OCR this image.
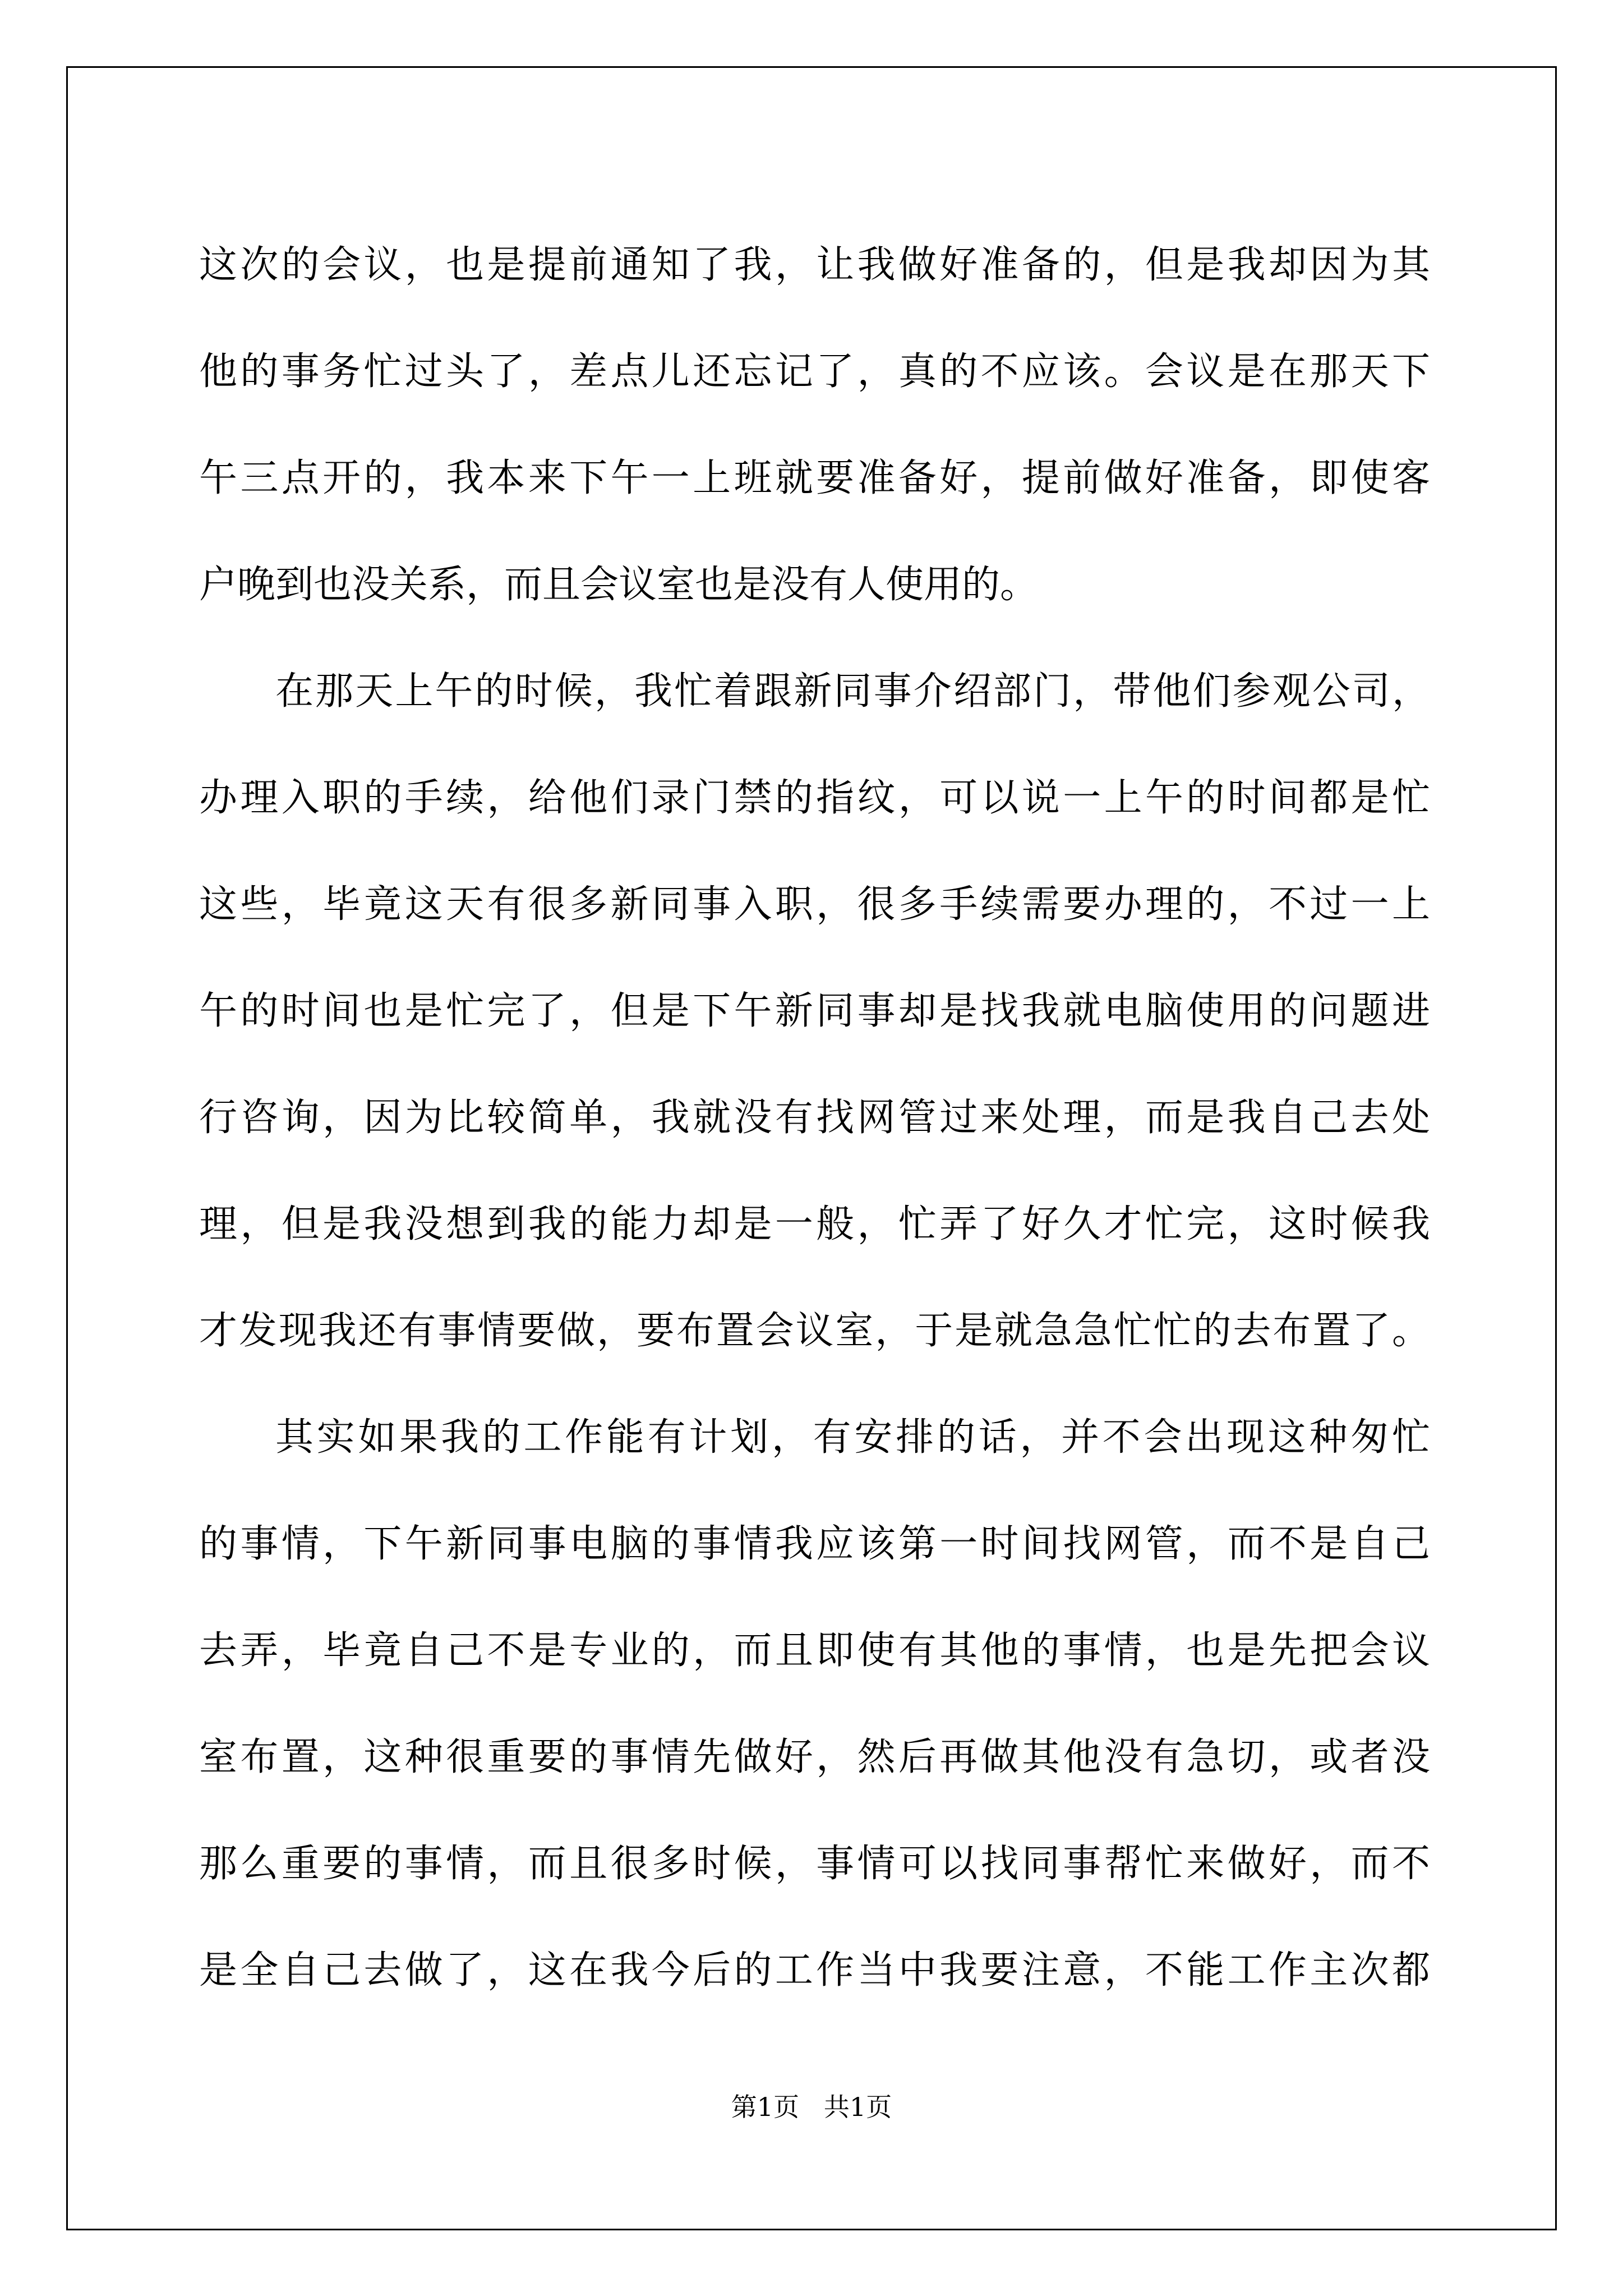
这次的会议，也是提前通知了我，让我做好准备的，但是我却因为其
他的事务忙过头了，差点儿还忘记了，真的不应该。会议是在那天下
午三点开的，我本来下午一上班就要准备好，提前做好准备，即使客
户晚到也没关系，而且会议室也是没有人使用的。
在那天上午的时候，我忙着跟新同事介绍部门，带他们参观公司，
办理入职的手续，给他们录门禁的指纹，可以说一上午的时间都是忙
这些，毕竟这天有很多新同事入职，很多手续需要办理的，不过一上
午的时间也是忙完了，但是下午新同事却是找我就电脑使用的问题进
行咨询，因为比较简单，我就没有找网管过来处理，而是我自己去处
理，但是我没想到我的能力却是一般，忙弄了好久才忙完，这时候我
才发现我还有事情要做，要布置会议室，于是就急急忙忙的去布置了。
其实如果我的工作能有计划，有安排的话，并不会出现这种匆忙
的事情，下午新同事电脑的事情我应该第一时间找网管，而不是自己
去弄，毕竟自己不是专业的，而且即使有其他的事情，也是先把会议
室布置，这种很重要的事情先做好，然后再做其他没有急切，或者没
那么重要的事情，而且很多时候，事情可以找同事帮忙来做好，而不
是全自己去做了，这在我今后的工作当中我要注意，不能工作主次都
第1页   共1页
